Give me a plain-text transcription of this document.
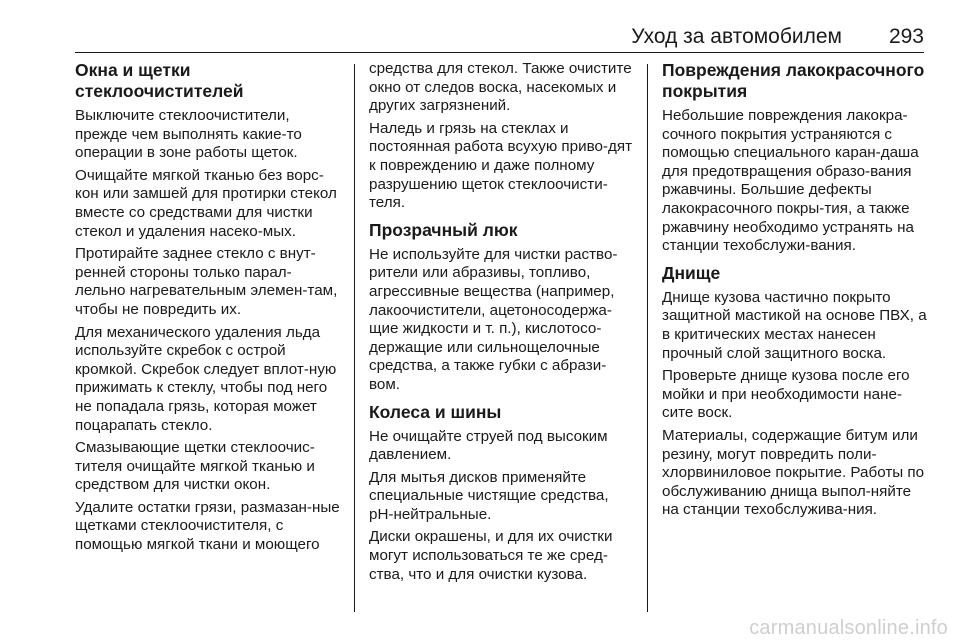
Уход за автомобилем 293
Окна и щетки стеклоочистителей

Выключите стеклоочистители, прежде чем выполнять какие-то операции в зоне работы щеток.

Очищайте мягкой тканью без ворс-кон или замшей для протирки стекол вместе со средствами для чистки стекол и удаления насеко-мых.

Протирайте заднее стекло с внут-ренней стороны только парал-лельно нагревательным элемен-там, чтобы не повредить их.

Для механического удаления льда используйте скребок с острой кромкой. Скребок следует вплот-ную прижимать к стеклу, чтобы под него не попадала грязь, которая может поцарапать стекло.

Смазывающие щетки стеклоочис-тителя очищайте мягкой тканью и средством для чистки окон.

Удалите остатки грязи, размазан-ные щетками стеклоочистителя, с помощью мягкой ткани и моющего

средства для стекол. Также очистите окно от следов воска, насекомых и других загрязнений.

Наледь и грязь на стеклах и постоянная работа всухую приво-дят к повреждению и даже полному разрушению щеток стеклоочисти-теля.

Прозрачный люк

Не используйте для чистки раство-рители или абразивы, топливо, агрессивные вещества (например, лакоочистители, ацетоносодержа-щие жидкости и т. п.), кислотосо-держащие или сильнощелочные средства, а также губки с абрази-вом.

Колеса и шины

Не очищайте струей под высоким давлением.

Для мытья дисков применяйте специальные чистящие средства, pH-нейтральные.

Диски окрашены, и для их очистки могут использоваться те же сред-ства, что и для очистки кузова.

Повреждения лакокрасочного покрытия

Небольшие повреждения лакокра-сочного покрытия устраняются с помощью специального каран-даша для предотвращения образо-вания ржавчины. Большие дефекты лакокрасочного покры-тия, а также ржавчину необходимо устранять на станции техобслужи-вания.

Днище

Днище кузова частично покрыто защитной мастикой на основе ПВХ, а в критических местах нанесен прочный слой защитного воска.

Проверьте днище кузова после его мойки и при необходимости нане-сите воск.

Материалы, содержащие битум или резину, могут повредить поли-хлорвиниловое покрытие. Работы по обслуживанию днища выпол-няйте на станции техобслужива-ния.

carmanualsonline.info
